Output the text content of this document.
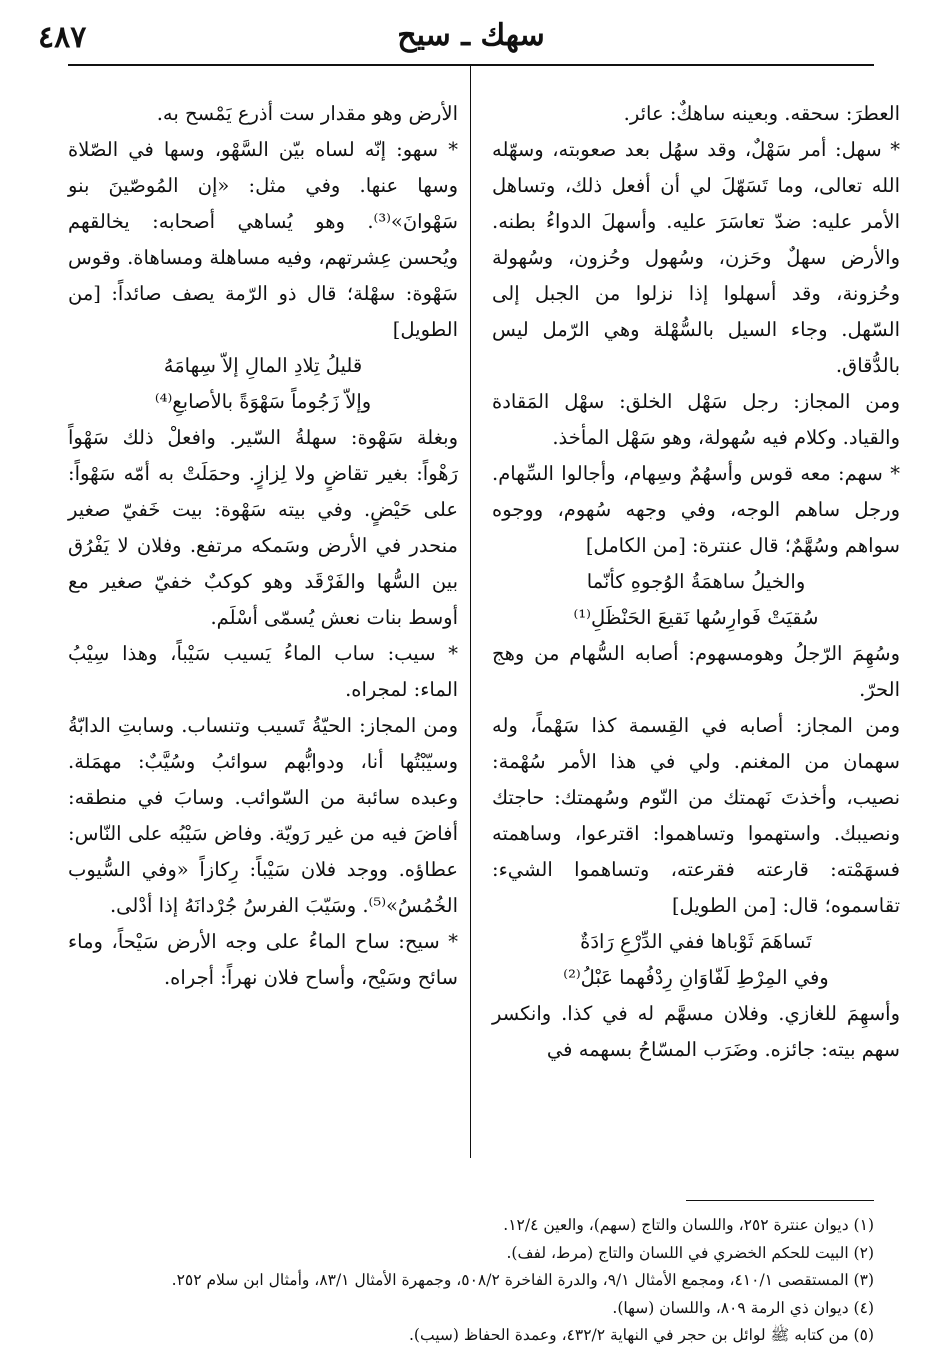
٤٨٧	سهك ـ سيح

العطرَ: سحقه. وبعينه ساهكٌ: عائر.

* سهل: أمر سَهْلٌ، وقد سهُل بعد صعوبته، وسهّله الله تعالى، وما تَسَهّلَ لي أن أفعل ذلك، وتساهل الأمر عليه: ضدّ تعاسَرَ عليه. وأسهلَ الدواءُ بطنه. والأرض سهلٌ وحَزن، وسُهول وحُزون، وسُهولة وحُزونة، وقد أسهلوا إذا نزلوا من الجبل إلى السّهل. وجاء السيل بالسُّهْلة وهي الرّمل ليس بالدُّقاق.

ومن المجاز: رجل سَهْل الخلق: سهْل المَقادة والقياد. وكلام فيه سُهولة، وهو سَهْل المأخذ.

* سهم: معه قوس وأسهُمٌ وسِهام، وأجالوا السِّهام. ورجل ساهم الوجه، وفي وجهه سُهوم، ووجوه سواهم وسُهَّمٌ؛ قال عنترة: [من الكامل]

والخيلُ ساهمَةُ الوُجوهِ كأنّما

سُقيَتْ فَوارِسُها نَقيعَ الحَنْظَلِ⁽¹⁾

وسُهِمَ الرّجلُ وهومسهوم: أصابه السُّهام من وهج الحرّ.

ومن المجاز: أصابه في القِسمة كذا سَهْماً، وله سهمان من المغنم. ولي في هذا الأمر سُهْمة: نصيب، وأخذتَ نَهمتك من النّوم وسُهمتك: حاجتك ونصيبك. واستهموا وتساهموا: اقترعوا، وساهمته فسهَمْته: قارعته فقرعته، وتساهموا الشيء: تقاسموه؛ قال: [من الطويل]

تَساهَمَ ثَوْباها ففي الدِّرْعِ رَادَةٌ

وفي المِرْطِ لَفّاوَانِ رِدْفُهما عَبْلُ⁽²⁾

وأسهِمَ للغازي. وفلان مسهَّم له في كذا. وانكسر سهم بيته: جائزه. وضَرَب المسّاحُ بسهمه في

الأرض وهو مقدار ست أذرع يَمْسح به.

* سهو: إنّه لساه بيّن السَّهْو، وسها في الصّلاة وسها عنها. وفي مثل: «إن المُوصّينَ بنو سَهْوانَ»⁽³⁾. وهو يُساهي أصحابه: يخالقهم ويُحسن عِشرتهم، وفيه مساهلة ومساهاة. وقوس سَهْوة: سهْلة؛ قال ذو الرّمة يصف صائداً: [من الطويل]

قليلُ تِلادِ المالِ إلاّ سِهامَهُ

وإلاّ زَجُوماً سَهْوَةً بالأصابعِ⁽⁴⁾

وبغلة سَهْوة: سهلةُ السّير. وافعلْ ذلك سَهْواً رَهْواً: بغير تقاضٍ ولا لِزازٍ. وحمَلَتْ به أمّه سَهْواً: على حَيْضٍ. وفي بيته سَهْوة: بيت خَفيّ صغير منحدر في الأرض وسَمكه مرتفع. وفلان لا يَفْرُق بين السُّها والفَرْقَد وهو كوكبٌ خفيّ صغير مع أوسط بنات نعش يُسمّى أسْلَم.

* سيب: ساب الماءُ يَسيب سَيْباً، وهذا سِيْبُ الماء: لمجراه.

ومن المجاز: الحيّةُ تَسيب وتنساب. وسابتِ الدابّةُ وسيّبْتُها أنا، ودوابُّهم سوائبُ وسُيَّبٌ: مهمَلة. وعبده سائبة من السّوائب. وسابَ في منطقه: أفاضَ فيه من غير رَويّة. وفاض سَيْبُه على النّاس: عطاؤه. ووجد فلان سَيْباً: رِكازاً «وفي السُّيوب الخُمُسُ»⁽⁵⁾. وسَيّبَ الفرسُ جُرْدانَهُ إذا أدْلى.

* سيح: ساح الماءُ على وجه الأرض سَيْحاً، وماء سائح وسَيْح، وأساح فلان نهراً: أجراه.

(١) ديوان عنترة ٢٥٢، واللسان والتاج (سهم)، والعين ١٢/٤.

(٢) البيت للحكم الخضري في اللسان والتاج (مرط، لفف).

(٣) المستقصى ٤١٠/١، ومجمع الأمثال ٩/١، والدرة الفاخرة ٥٠٨/٢، وجمهرة الأمثال ٨٣/١، وأمثال ابن سلام ٢٥٢.

(٤) ديوان ذي الرمة ٨٠٩، واللسان (سها).

(٥) من كتابه ﷺ لوائل بن حجر في النهاية ٤٣٢/٢، وعمدة الحفاظ (سيب).
